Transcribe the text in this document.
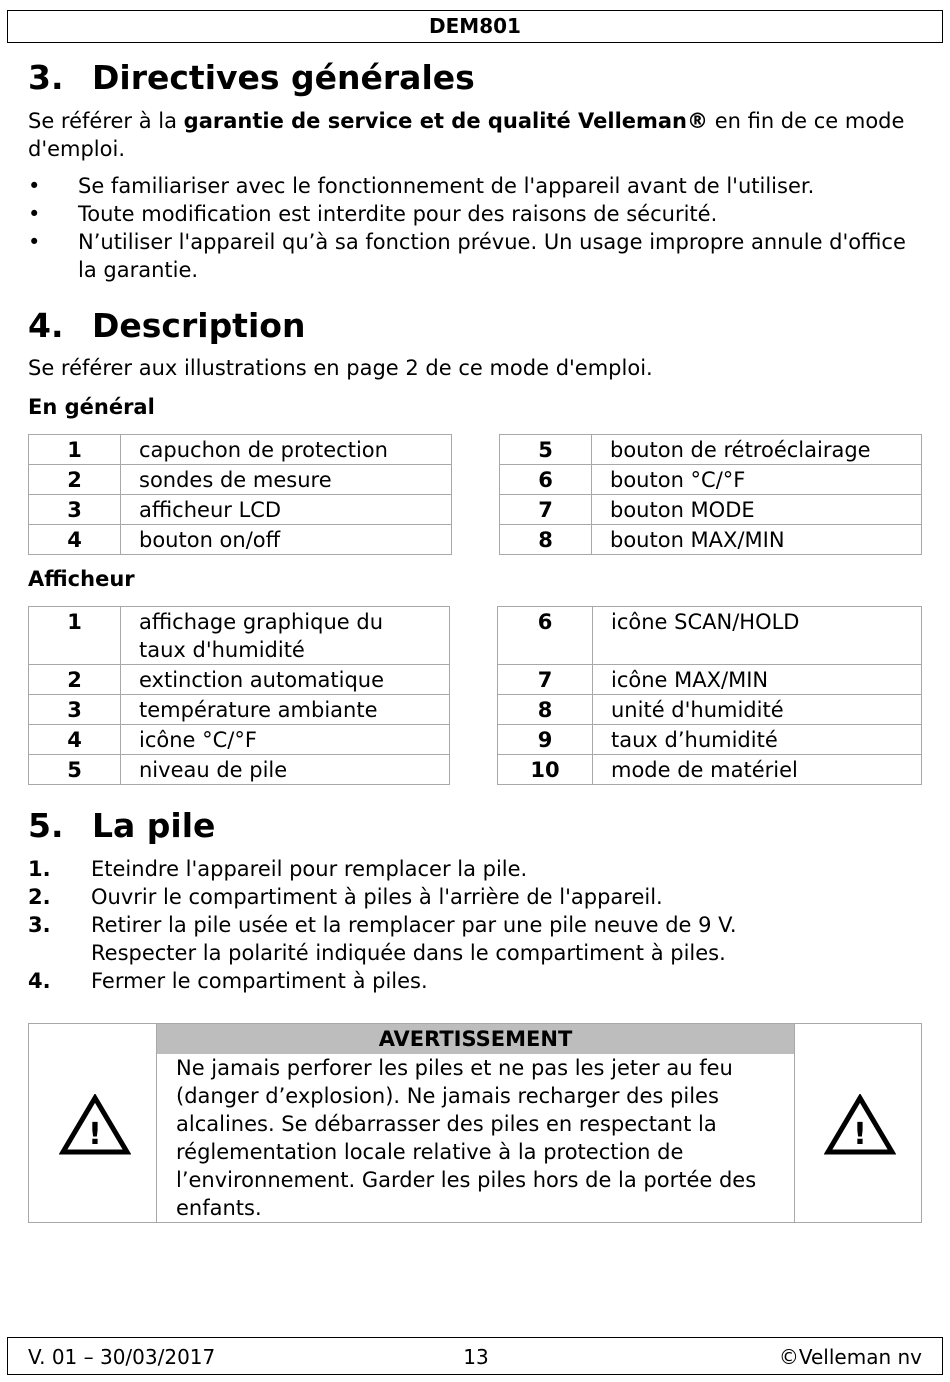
DEM801
3. Directives générales

Se référer à la garantie de service et de qualité Velleman® en fin de ce mode d'emploi.

• Se familiariser avec le fonctionnement de l'appareil avant de l'utiliser.
• Toute modification est interdite pour des raisons de sécurité.
• N’utiliser l'appareil qu’à sa fonction prévue. Un usage impropre annule d'office la garantie.
4. Description

Se référer aux illustrations en page 2 de ce mode d'emploi.

En général
1	capuchon de protection
2	sondes de mesure
3	afficheur LCD
4	bouton on/off
5	bouton de rétroéclairage
6	bouton °C/°F
7	bouton MODE
8	bouton MAX/MIN
Afficheur
1	affichage graphique du taux d'humidité
2	extinction automatique
3	température ambiante
4	icône °C/°F
5	niveau de pile
6	icône SCAN/HOLD
7	icône MAX/MIN
8	unité d'humidité
9	taux d’humidité
10	mode de matériel
5. La pile
1. Eteindre l'appareil pour remplacer la pile.
2. Ouvrir le compartiment à piles à l'arrière de l'appareil.
3. Retirer la pile usée et la remplacer par une pile neuve de 9 V. Respecter la polarité indiquée dans le compartiment à piles.
4. Fermer le compartiment à piles.
!
AVERTISSEMENT
Ne jamais perforer les piles et ne pas les jeter au feu (danger d’explosion). Ne jamais recharger des piles alcalines. Se débarrasser des piles en respectant la réglementation locale relative à la protection de l’environnement. Garder les piles hors de la portée des enfants.
!
13
V. 01 – 30/03/2017	©Velleman nv
